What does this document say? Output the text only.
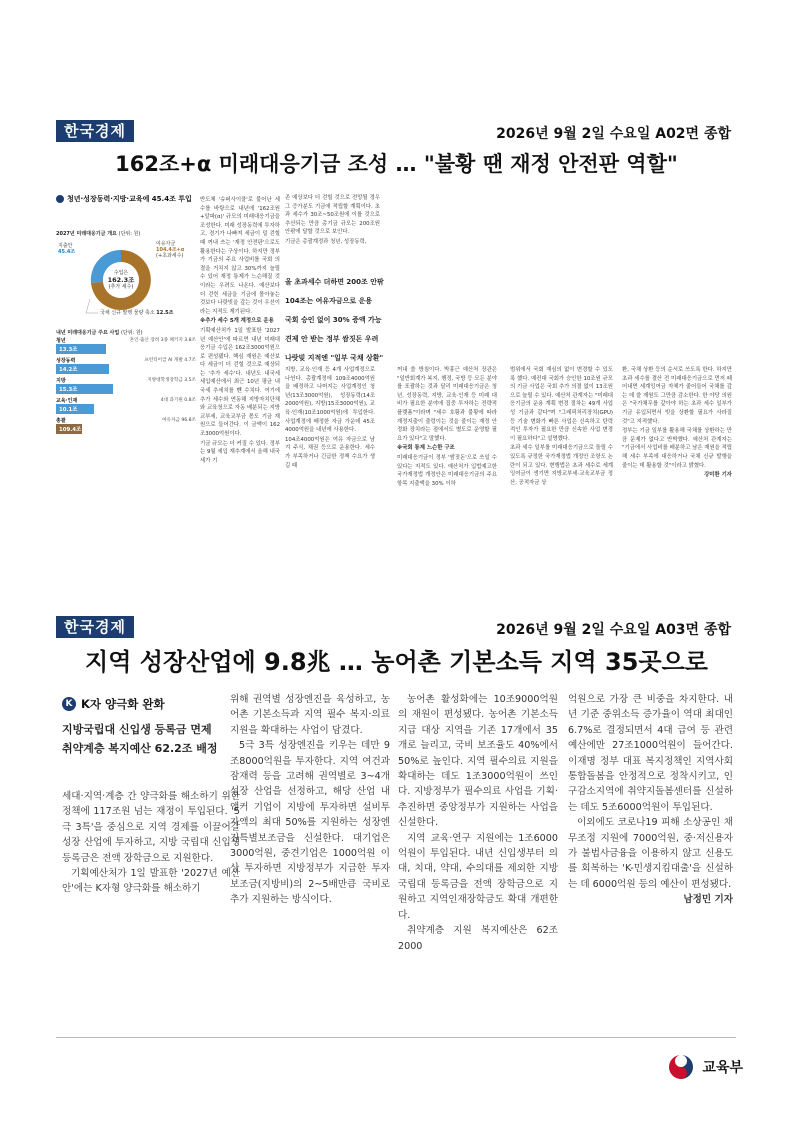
한국경제	2026년 9월 2일 수요일 A02면 종합
162조+α 미래대응기금 조성 … "불황 땐 재정 안전판 역할"
청년·성장동력·지방·교육에 45.4조 투입
2027년 미래대응기금 개요 (단위: 원)
지출안
45.4조
여유자금
104.4조+α
(+초과세수)
수입은
162.3조
(추가 세수)
국채 신규 발행 물량 축소 12.5조
내년 미래대응기금 주요 사업 (단위: 원)
청년	혼인·출산 장려 3종 패키지 3.8조
13.3조
성장동력	프런티어급 AI 개발 4.7조
14.2조
지방	지방대학생장학금 3.5조
15.3조
교육·인재	4대 과기원 0.8조
10.1조
총괄	여유자금 96.8조
109.4조

반도체 '슈퍼사이클'로 불어난 세수를 바탕으로 내년에 '162조원+알파(α)' 규모의 미래대응기금을 조성한다. 미래 성장동력에 투자하고, 경기가 나빠져 세금이 덜 걷힐 때 꺼내 쓰는 '재정 안전판'으로도 활용한다는 구상이다. 하지만 정부가 기금의 주요 사업비를 국회 의결을 거치지 않고 30%까지 늘릴 수 있어 재정 통제가 느슨해질 것이라는 우려도 나온다. 예산보다 더 걷힌 세금을 기금에 몰아놓는 것보다 나랏빚을 갚는 것이 우선이라는 지적도 제기된다.

※추가 세수 5개 계정으로 운용

기획예산처가 1일 발표한 '2027년 예산안'에 따르면 내년 미래대응기금 수입은 162조3000억원으로 편성됐다. 핵심 재원은 예산보다 세금이 더 걷힐 것으로 예상되는 '추가 세수'다. 내년도 내국세 세입예산에서 최근 10년 평균 내국세 추세치를 뺀 수치다. 여기에 추가 세수와 연동해 지방자치단체와 교육청으로 자동 배분되는 지방교부세, 교육교부금 몫도 기금 재원으로 들어간다. 이 금액이 162조3000억원이다.

기금 규모는 더 커질 수 있다. 정부는 9월 세입 재추계에서 올해 내국세가 기

존 예상보다 더 걷힐 것으로 전망될 경우 그 증가분도 기금에 적립할 계획이다. 초과 세수가 30조~50조원에 이를 것으로 추산되는 만큼 총기금 규모는 200조원 안팎에 달할 것으로 보인다.

기금은 총괄계정과 청년, 성장동력,

올 초과세수 더하면 200조 안팎

104조는 여유자금으로 운용

국회 승인 없이 30% 증액 가능

견제 안 받는 정부 쌈짓돈 우려

나랏빚 지적엔 "일부 국채 상환"

지방, 교육·인재 등 4개 사업계정으로 나뉜다. 총괄계정에 109조4000억원을 배정하고 나머지는 사업계정인 청년(13조3000억원), 성장동력(14조2000억원), 지방(15조3000억원), 교육·인재(10조1000억원)에 투입한다. 사업계정에 배정한 자금 가운데 45조4000억원을 내년에 사용한다.

104조4000억원은 여유 자금으로 남겨 주식, 채권 등으로 운용한다. 세수가 부족하거나 긴급한 정책 수요가 생길 때

꺼내 쓸 방침이다. 박홍근 예산처 장관은 "일반회계가 복지, 행정, 국방 등 모든 분야를 포괄하는 것과 달리 미래대응기금은 청년, 성장동력, 지방, 교육·인재 등 미래 대비가 필요한 분야에 집중 투자하는 전략적 플랫폼"이라며 "세수 호황과 불황에 따라 재정지출이 출렁이는 것을 줄이는 재정 안정화 장치라는 점에서도 별도로 운영할 필요가 있다"고 말했다.

※국회 통제 느슨한 구조

미래대응기금이 정부 '쌈짓돈'으로 쓰일 수 있다는 지적도 있다. 예산처가 입법예고한 국가재정법 개정안은 미래대응기금의 주요 항목 지출액을 30% 이하

범위에서 국회 재심의 없이 변경할 수 있도록 했다. 예컨대 국회가 승인한 10조원 규모의 기금 사업은 국회 추가 의결 없이 13조원으로 늘릴 수 있다. 예산처 관계자는 "미래대응기금의 운용 계획 변경 절차는 49개 사업성 기금과 같다"며 "그래픽처리장치(GPU) 등 기술 변화가 빠른 사업은 신속하고 탄력적인 투자가 필요한 만큼 신속한 사업 변경이 필요하다"고 설명했다.

초과 세수 일부를 미래대응기금으로 돌릴 수 있도록 규정한 국가재정법 개정안 조항도 논란이 되고 있다. 현행법은 초과 세수로 세계잉여금이 생기면 지방교부세·교육교부금 정산, 공적자금 상

환, 국채 상환 등의 순서로 쓰도록 한다. 하지만 초과 세수를 결산 전 미래대응기금으로 먼저 떼어내면 세계잉여금 자체가 줄어들어 국채를 갚는 데 쓸 재원도 그만큼 감소한다. 한 야당 의원은 "국가채무를 갚아야 하는 초과 세수 일부가 기금 유입되면서 빚을 상환할 필요가 사라질 것"고 지적했다.

정부는 기금 일부를 활용해 국채를 상환하는 만큼 문제가 없다고 반박했다. 예산처 관계자는 "기금에서 사업비를 배분하고 남은 재원을 적립해 세수 부족에 대응하거나 국채 신규 발행을 줄이는 데 활용할 것"이라고 밝혔다.

강미환 기자

한국경제	2026년 9월 2일 수요일 A03면 종합
지역 성장산업에 9.8兆 … 농어촌 기본소득 지역 35곳으로
K K자 양극화 완화
지방국립대 신입생 등록금 면제
취약계층 복지예산 62.2조 배정

세대·지역·계층 간 양극화를 해소하기 위한 정책에 117조원 넘는 재정이 투입된다. '5극 3특'을 중심으로 지역 경제를 이끌어갈 성장 산업에 투자하고, 지방 국립대 신입생 등록금은 전액 장학금으로 지원한다.

기획예산처가 1일 발표한 '2027년 예산안'에는 K자형 양극화를 해소하기

위해 권역별 성장엔진을 육성하고, 농어촌 기본소득과 지역 필수 복지·의료 지원을 확대하는 사업이 담겼다.

5극 3특 성장엔진을 키우는 데만 9조8000억원을 투자한다. 지역 여건과 잠재력 등을 고려해 권역별로 3~4개 성장 산업을 선정하고, 해당 산업 내 앵커 기업이 지방에 투자하면 설비투자액의 최대 50%를 지원하는 성장엔진특별보조금을 신설한다. 대기업은 3000억원, 중견기업은 1000억원 이상 투자하면 지방정부가 지급한 투자보조금(지방비)의 2~5배만큼 국비로 추가 지원하는 방식이다.

농어촌 활성화에는 10조9000억원의 재원이 편성됐다. 농어촌 기본소득 지급 대상 지역을 기존 17개에서 35개로 늘리고, 국비 보조율도 40%에서 50%로 높인다. 지역 필수의료 지원을 확대하는 데도 1조3000억원이 쓰인다. 지방정부가 필수의료 사업을 기획·추진하면 중앙정부가 지원하는 사업을 신설한다.

지역 교육·연구 지원에는 1조6000억원이 투입된다. 내년 신입생부터 의대, 치대, 약대, 수의대를 제외한 지방국립대 등록금을 전액 장학금으로 지원하고 지역인재장학금도 확대 개편한다.

취약계층 지원 복지예산은 62조2000

억원으로 가장 큰 비중을 차지한다. 내년 기준 중위소득 증가율이 역대 최대인 6.7%로 결정되면서 4대 급여 등 관련 예산에만 27조1000억원이 들어간다. 이재명 정부 대표 복지정책인 지역사회 통합돌봄을 안정적으로 정착시키고, 인구감소지역에 취약지돌봄센터를 신설하는 데도 5조6000억원이 투입된다.

이외에도 코로나19 피해 소상공인 채무조정 지원에 7000억원, 중·저신용자가 불법사금융을 이용하지 않고 신용도를 회복하는 'K-민생지킴대출'을 신설하는 데 6000억원 등의 예산이 편성됐다.

남정민 기자

교육부
